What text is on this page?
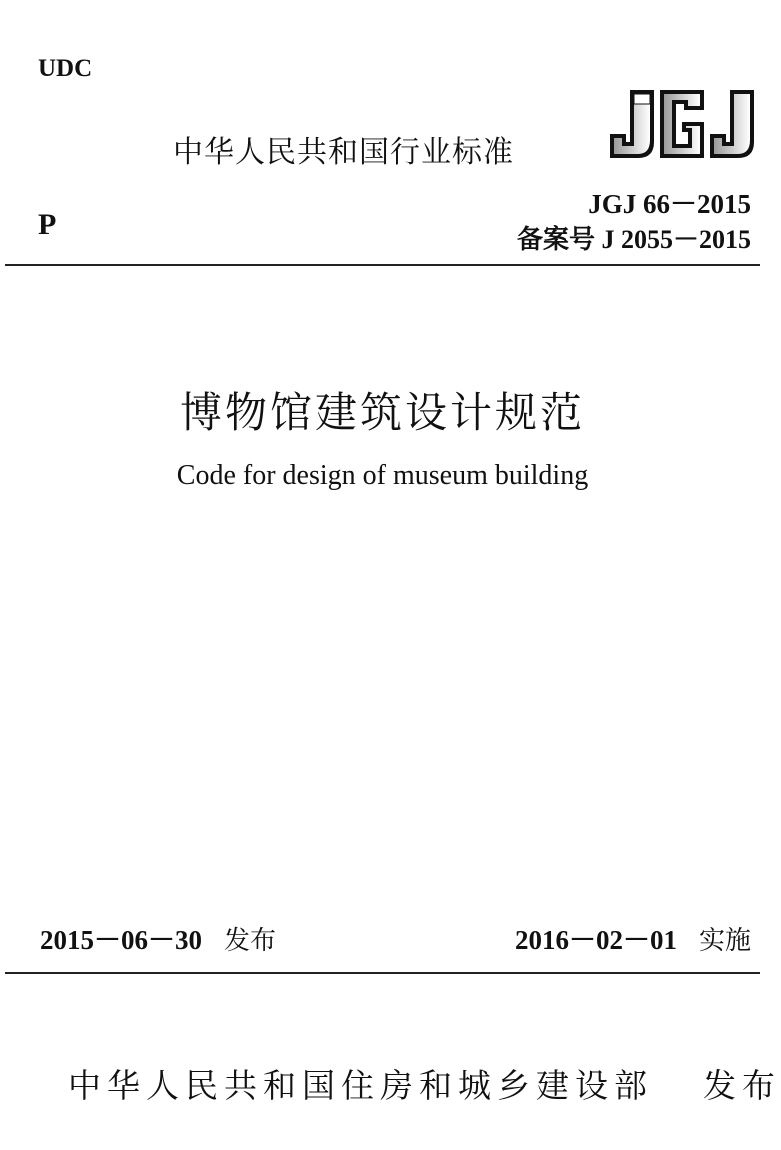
UDC
中华人民共和国行业标准
P
JGJ 66－2015
备案号 J 2055－2015
博物馆建筑设计规范
Code for design of museum building
2015－06－30 发布	2016－02－01 实施
中华人民共和国住房和城乡建设部 发布
